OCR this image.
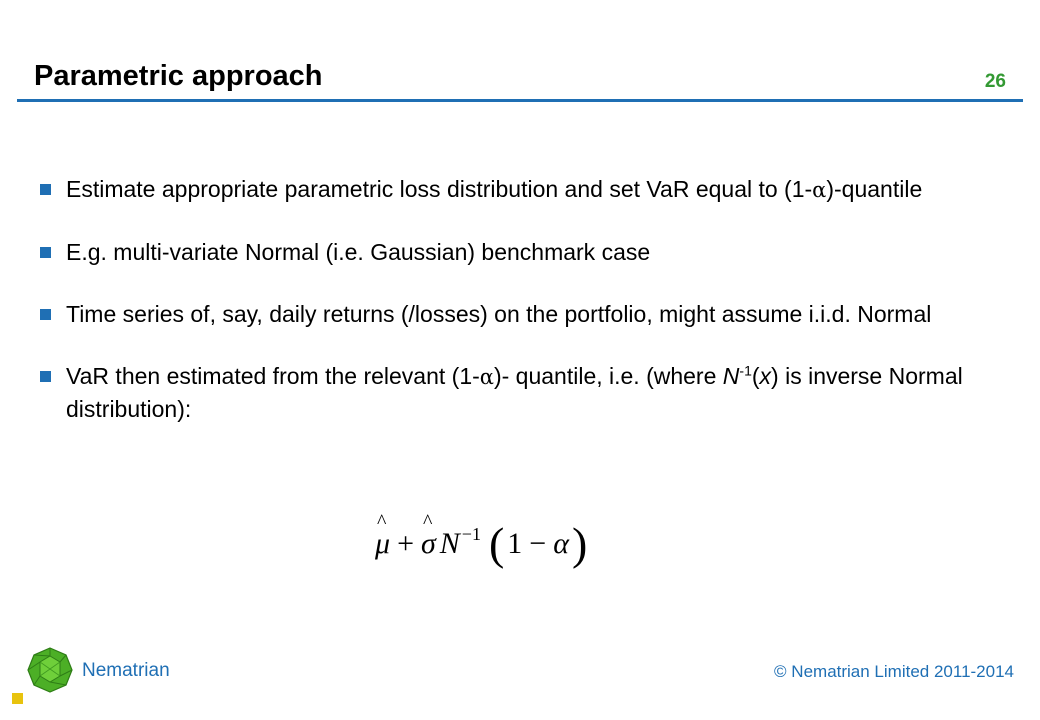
Parametric approach	26
Estimate appropriate parametric loss distribution and set VaR equal to (1-α)-quantile
E.g. multi-variate Normal (i.e. Gaussian) benchmark case
Time series of, say, daily returns (/losses) on the portfolio, might assume i.i.d. Normal
VaR then estimated from the relevant (1-α)- quantile, i.e. (where $N^{-1}(x)$ is inverse Normal distribution):
^ μ +
^ σ $N^{-1}$ ( 1 − α )
Nematrian	© Nematrian Limited 2011-2014
